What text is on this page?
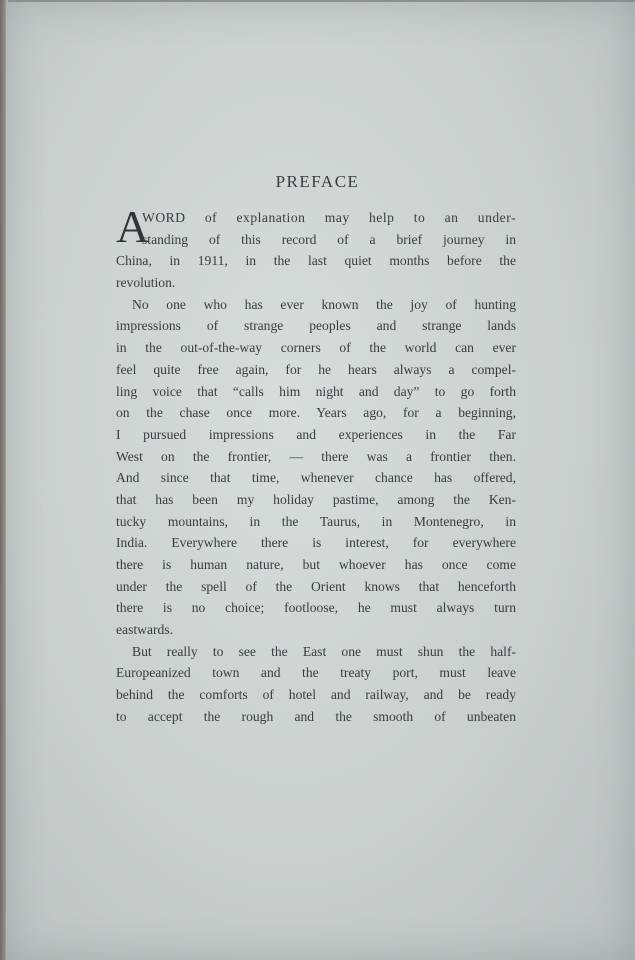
PREFACE
A
WORD of explanation may help to an under-
standing of this record of a brief journey in
China, in 1911, in the last quiet months before the
revolution.
No one who has ever known the joy of hunting
impressions of strange peoples and strange lands
in the out-of-the-way corners of the world can ever
feel quite free again, for he hears always a compel-
ling voice that “calls him night and day” to go forth
on the chase once more. Years ago, for a beginning,
I pursued impressions and experiences in the Far
West on the frontier, — there was a frontier then.
And since that time, whenever chance has offered,
that has been my holiday pastime, among the Ken-
tucky mountains, in the Taurus, in Montenegro, in
India. Everywhere there is interest, for everywhere
there is human nature, but whoever has once come
under the spell of the Orient knows that henceforth
there is no choice; footloose, he must always turn
eastwards.
But really to see the East one must shun the half-
Europeanized town and the treaty port, must leave
behind the comforts of hotel and railway, and be ready
to accept the rough and the smooth of unbeaten
